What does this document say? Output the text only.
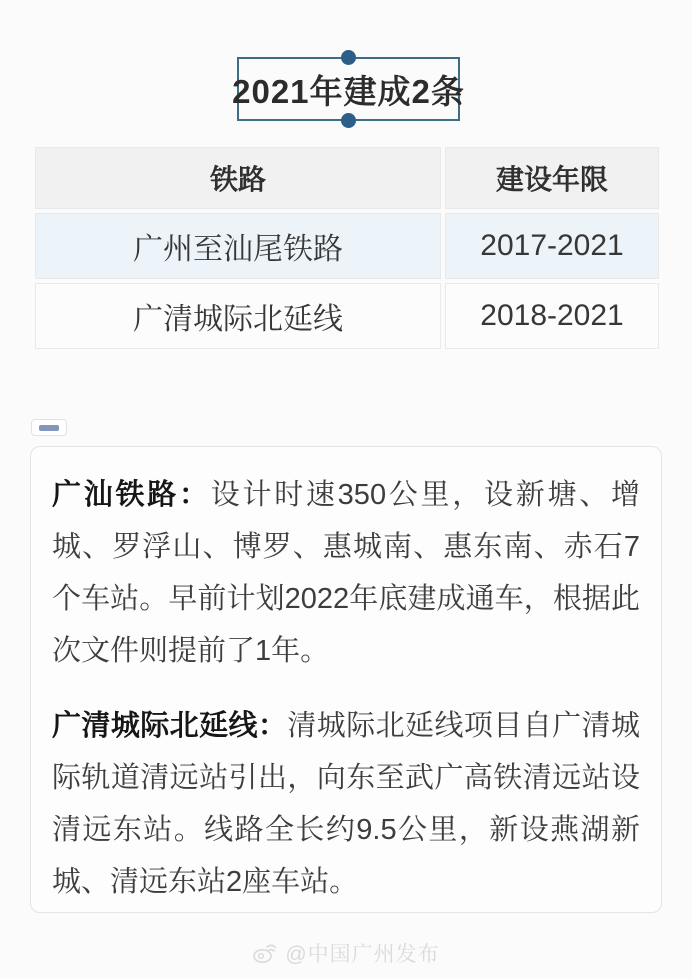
2021年建成2条
铁路	建设年限
广州至汕尾铁路	2017-2021
广清城际北延线	2018-2021

广汕铁路：设计时速350公里，设新塘、增城、罗浮山、博罗、惠城南、惠东南、赤石7个车站。早前计划2022年底建成通车，根据此次文件则提前了1年。

广清城际北延线：清城际北延线项目自广清城际轨道清远站引出，向东至武广高铁清远站设清远东站。线路全长约9.5公里，新设燕湖新城、清远东站2座车站。

@中国广州发布
